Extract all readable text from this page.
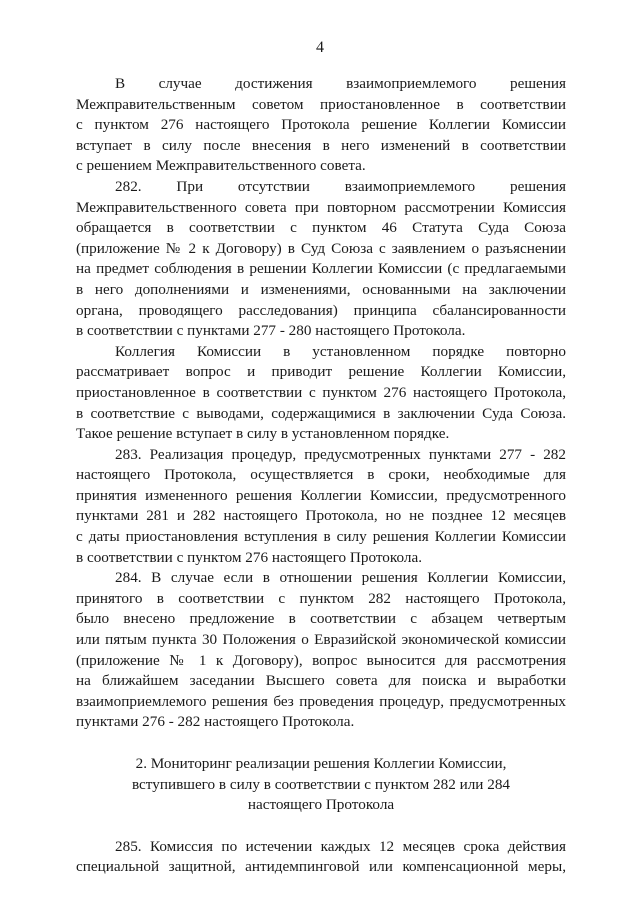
4

В случае достижения взаимоприемлемого решения
Межправительственным советом приостановленное в соответствии
с пунктом 276 настоящего Протокола решение Коллегии Комиссии
вступает в силу после внесения в него изменений в соответствии
с решением Межправительственного совета.

282. При отсутствии взаимоприемлемого решения
Межправительственного совета при повторном рассмотрении Комиссия
обращается в соответствии с пунктом 46 Статута Суда Союза
(приложение № 2 к Договору) в Суд Союза с заявлением о разъяснении
на предмет соблюдения в решении Коллегии Комиссии (с предлагаемыми
в него дополнениями и изменениями, основанными на заключении
органа, проводящего расследования) принципа сбалансированности
в соответствии с пунктами 277 - 280 настоящего Протокола.

Коллегия Комиссии в установленном порядке повторно
рассматривает вопрос и приводит решение Коллегии Комиссии,
приостановленное в соответствии с пунктом 276 настоящего Протокола,
в соответствие с выводами, содержащимися в заключении Суда Союза.
Такое решение вступает в силу в установленном порядке.

283. Реализация процедур, предусмотренных пунктами 277 - 282
настоящего Протокола, осуществляется в сроки, необходимые для
принятия измененного решения Коллегии Комиссии, предусмотренного
пунктами 281 и 282 настоящего Протокола, но не позднее 12 месяцев
с даты приостановления вступления в силу решения Коллегии Комиссии
в соответствии с пунктом 276 настоящего Протокола.

284. В случае если в отношении решения Коллегии Комиссии,
принятого в соответствии с пунктом 282 настоящего Протокола,
было внесено предложение в соответствии с абзацем четвертым
или пятым пункта 30 Положения о Евразийской экономической комиссии
(приложение № 1 к Договору), вопрос выносится для рассмотрения
на ближайшем заседании Высшего совета для поиска и выработки
взаимоприемлемого решения без проведения процедур, предусмотренных
пунктами 276 - 282 настоящего Протокола.

2. Мониторинг реализации решения Коллегии Комиссии,
вступившего в силу в соответствии с пунктом 282 или 284
настоящего Протокола

285. Комиссия по истечении каждых 12 месяцев срока действия
специальной защитной, антидемпинговой или компенсационной меры,
